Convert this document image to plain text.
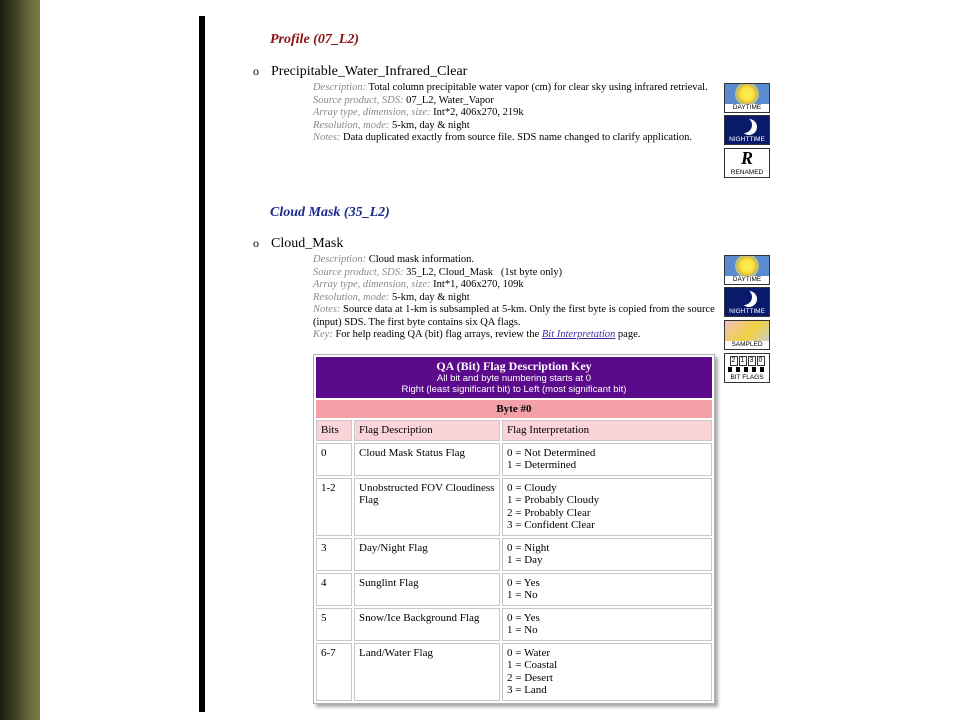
Profile (07_L2)
o Precipitable_Water_Infrared_Clear

Description: Total column precipitable water vapor (cm) for clear sky using infrared retrieval.

Source product, SDS: 07_L2, Water_Vapor

Array type, dimension, size: Int*2, 406x270, 219k

Resolution, mode: 5-km, day & night

Notes: Data duplicated exactly from source file. SDS name changed to clarify application.

DAYTIME
NIGHTTIME
R
RENAMED
Cloud Mask (35_L2)
o Cloud_Mask

Description: Cloud mask information.

Source product, SDS: 35_L2, Cloud_Mask   (1st byte only)

Array type, dimension, size: Int*1, 406x270, 109k

Resolution, mode: 5-km, day & night

Notes: Source data at 1-km is subsampled at 5-km. Only the first byte is copied from the source (input) SDS. The first byte contains six QA flags.

Key: For help reading QA (bit) flag arrays, review the Bit Interpretation page.

DAYTIME
NIGHTTIME
SAMPLED
2 1 3 0
BIT FLAGS
QA (Bit) Flag Description Key
All bit and byte numbering starts at 0
Right (least significant bit) to Left (most significant bit)		

Byte #0		
Bits	Flag Description	Flag Interpretation
0	Cloud Mask Status Flag	0 = Not Determined
1 = Determined

1-2	Unobstructed FOV Cloudiness Flag	0 = Cloudy
1 = Probably Cloudy
2 = Probably Clear
3 = Confident Clear

3	Day/Night Flag	0 = Night
1 = Day

4	Sunglint Flag	0 = Yes
1 = No

5	Snow/Ice Background Flag	0 = Yes
1 = No

6-7	Land/Water Flag	0 = Water
1 = Coastal
2 = Desert
3 = Land
